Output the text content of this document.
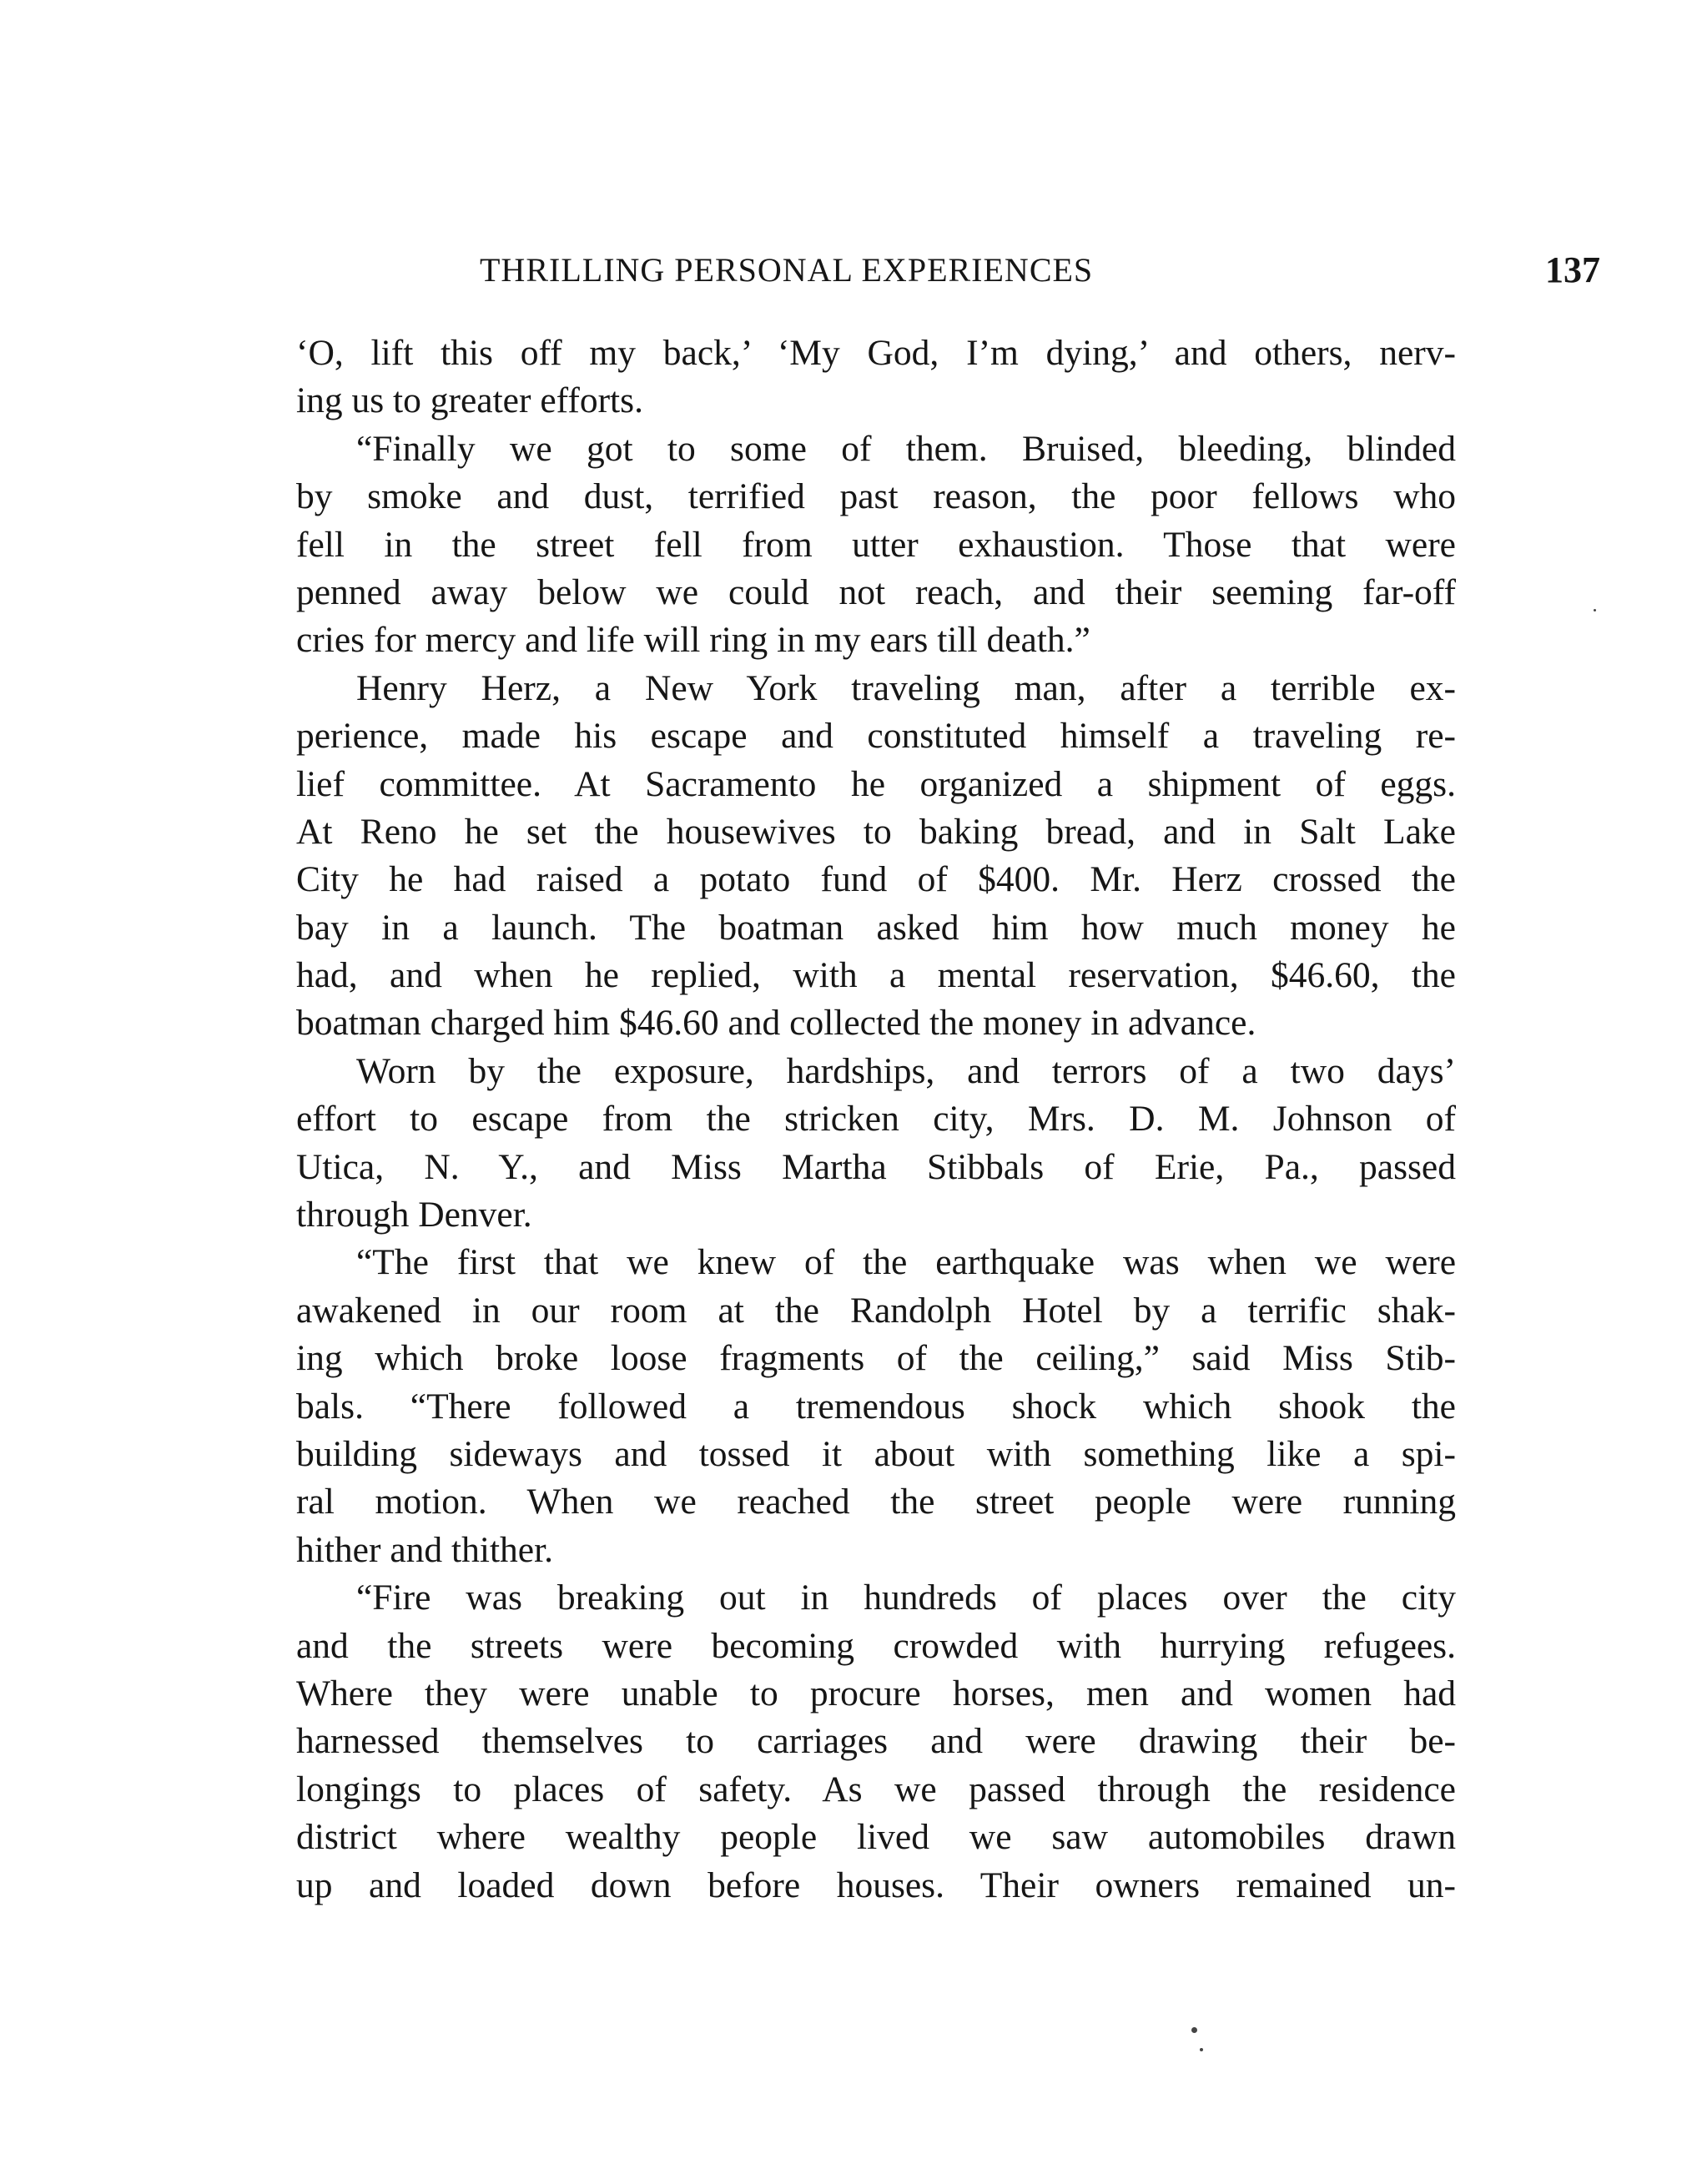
THRILLING PERSONAL EXPERIENCES	137
‘O, lift this off my back,’ ‘My God, I’m dying,’ and others, nerv-
ing us to greater efforts.
“Finally we got to some of them. Bruised, bleeding, blinded
by smoke and dust, terrified past reason, the poor fellows who
fell in the street fell from utter exhaustion. Those that were
penned away below we could not reach, and their seeming far-off
cries for mercy and life will ring in my ears till death.”
Henry Herz, a New York traveling man, after a terrible ex-
perience, made his escape and constituted himself a traveling re-
lief committee. At Sacramento he organized a shipment of eggs.
At Reno he set the housewives to baking bread, and in Salt Lake
City he had raised a potato fund of $400. Mr. Herz crossed the
bay in a launch. The boatman asked him how much money he
had, and when he replied, with a mental reservation, $46.60, the
boatman charged him $46.60 and collected the money in advance.
Worn by the exposure, hardships, and terrors of a two days’
effort to escape from the stricken city, Mrs. D. M. Johnson of
Utica, N. Y., and Miss Martha Stibbals of Erie, Pa., passed
through Denver.
“The first that we knew of the earthquake was when we were
awakened in our room at the Randolph Hotel by a terrific shak-
ing which broke loose fragments of the ceiling,” said Miss Stib-
bals. “There followed a tremendous shock which shook the
building sideways and tossed it about with something like a spi-
ral motion. When we reached the street people were running
hither and thither.
“Fire was breaking out in hundreds of places over the city
and the streets were becoming crowded with hurrying refugees.
Where they were unable to procure horses, men and women had
harnessed themselves to carriages and were drawing their be-
longings to places of safety. As we passed through the residence
district where wealthy people lived we saw automobiles drawn
up and loaded down before houses. Their owners remained un-
